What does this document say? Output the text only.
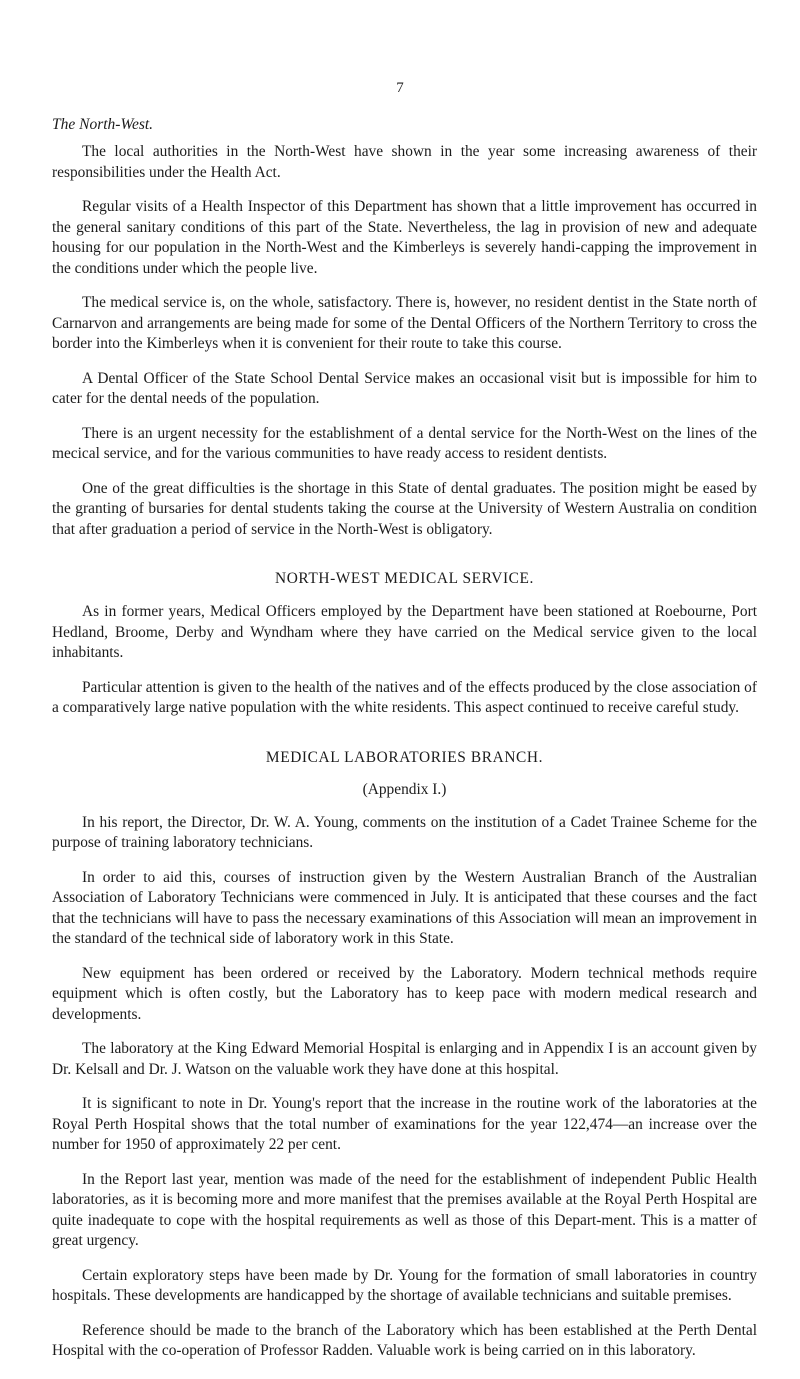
7
The North-West.

The local authorities in the North-West have shown in the year some increasing awareness of their responsibilities under the Health Act.

Regular visits of a Health Inspector of this Department has shown that a little improvement has occurred in the general sanitary conditions of this part of the State. Nevertheless, the lag in provision of new and adequate housing for our population in the North-West and the Kimberleys is severely handi-capping the improvement in the conditions under which the people live.

The medical service is, on the whole, satisfactory. There is, however, no resident dentist in the State north of Carnarvon and arrangements are being made for some of the Dental Officers of the Northern Territory to cross the border into the Kimberleys when it is convenient for their route to take this course.

A Dental Officer of the State School Dental Service makes an occasional visit but is impossible for him to cater for the dental needs of the population.

There is an urgent necessity for the establishment of a dental service for the North-West on the lines of the mecical service, and for the various communities to have ready access to resident dentists.

One of the great difficulties is the shortage in this State of dental graduates. The position might be eased by the granting of bursaries for dental students taking the course at the University of Western Australia on condition that after graduation a period of service in the North-West is obligatory.

NORTH-WEST MEDICAL SERVICE.

As in former years, Medical Officers employed by the Department have been stationed at Roebourne, Port Hedland, Broome, Derby and Wyndham where they have carried on the Medical service given to the local inhabitants.

Particular attention is given to the health of the natives and of the effects produced by the close association of a comparatively large native population with the white residents. This aspect continued to receive careful study.

MEDICAL LABORATORIES BRANCH.
(Appendix I.)

In his report, the Director, Dr. W. A. Young, comments on the institution of a Cadet Trainee Scheme for the purpose of training laboratory technicians.

In order to aid this, courses of instruction given by the Western Australian Branch of the Australian Association of Laboratory Technicians were commenced in July. It is anticipated that these courses and the fact that the technicians will have to pass the necessary examinations of this Association will mean an improvement in the standard of the technical side of laboratory work in this State.

New equipment has been ordered or received by the Laboratory. Modern technical methods require equipment which is often costly, but the Laboratory has to keep pace with modern medical research and developments.

The laboratory at the King Edward Memorial Hospital is enlarging and in Appendix I is an account given by Dr. Kelsall and Dr. J. Watson on the valuable work they have done at this hospital.

It is significant to note in Dr. Young's report that the increase in the routine work of the laboratories at the Royal Perth Hospital shows that the total number of examinations for the year 122,474—an increase over the number for 1950 of approximately 22 per cent.

In the Report last year, mention was made of the need for the establishment of independent Public Health laboratories, as it is becoming more and more manifest that the premises available at the Royal Perth Hospital are quite inadequate to cope with the hospital requirements as well as those of this Depart-ment. This is a matter of great urgency.

Certain exploratory steps have been made by Dr. Young for the formation of small laboratories in country hospitals. These developments are handicapped by the shortage of available technicians and suitable premises.

Reference should be made to the branch of the Laboratory which has been established at the Perth Dental Hospital with the co-operation of Professor Radden. Valuable work is being carried on in this laboratory.
